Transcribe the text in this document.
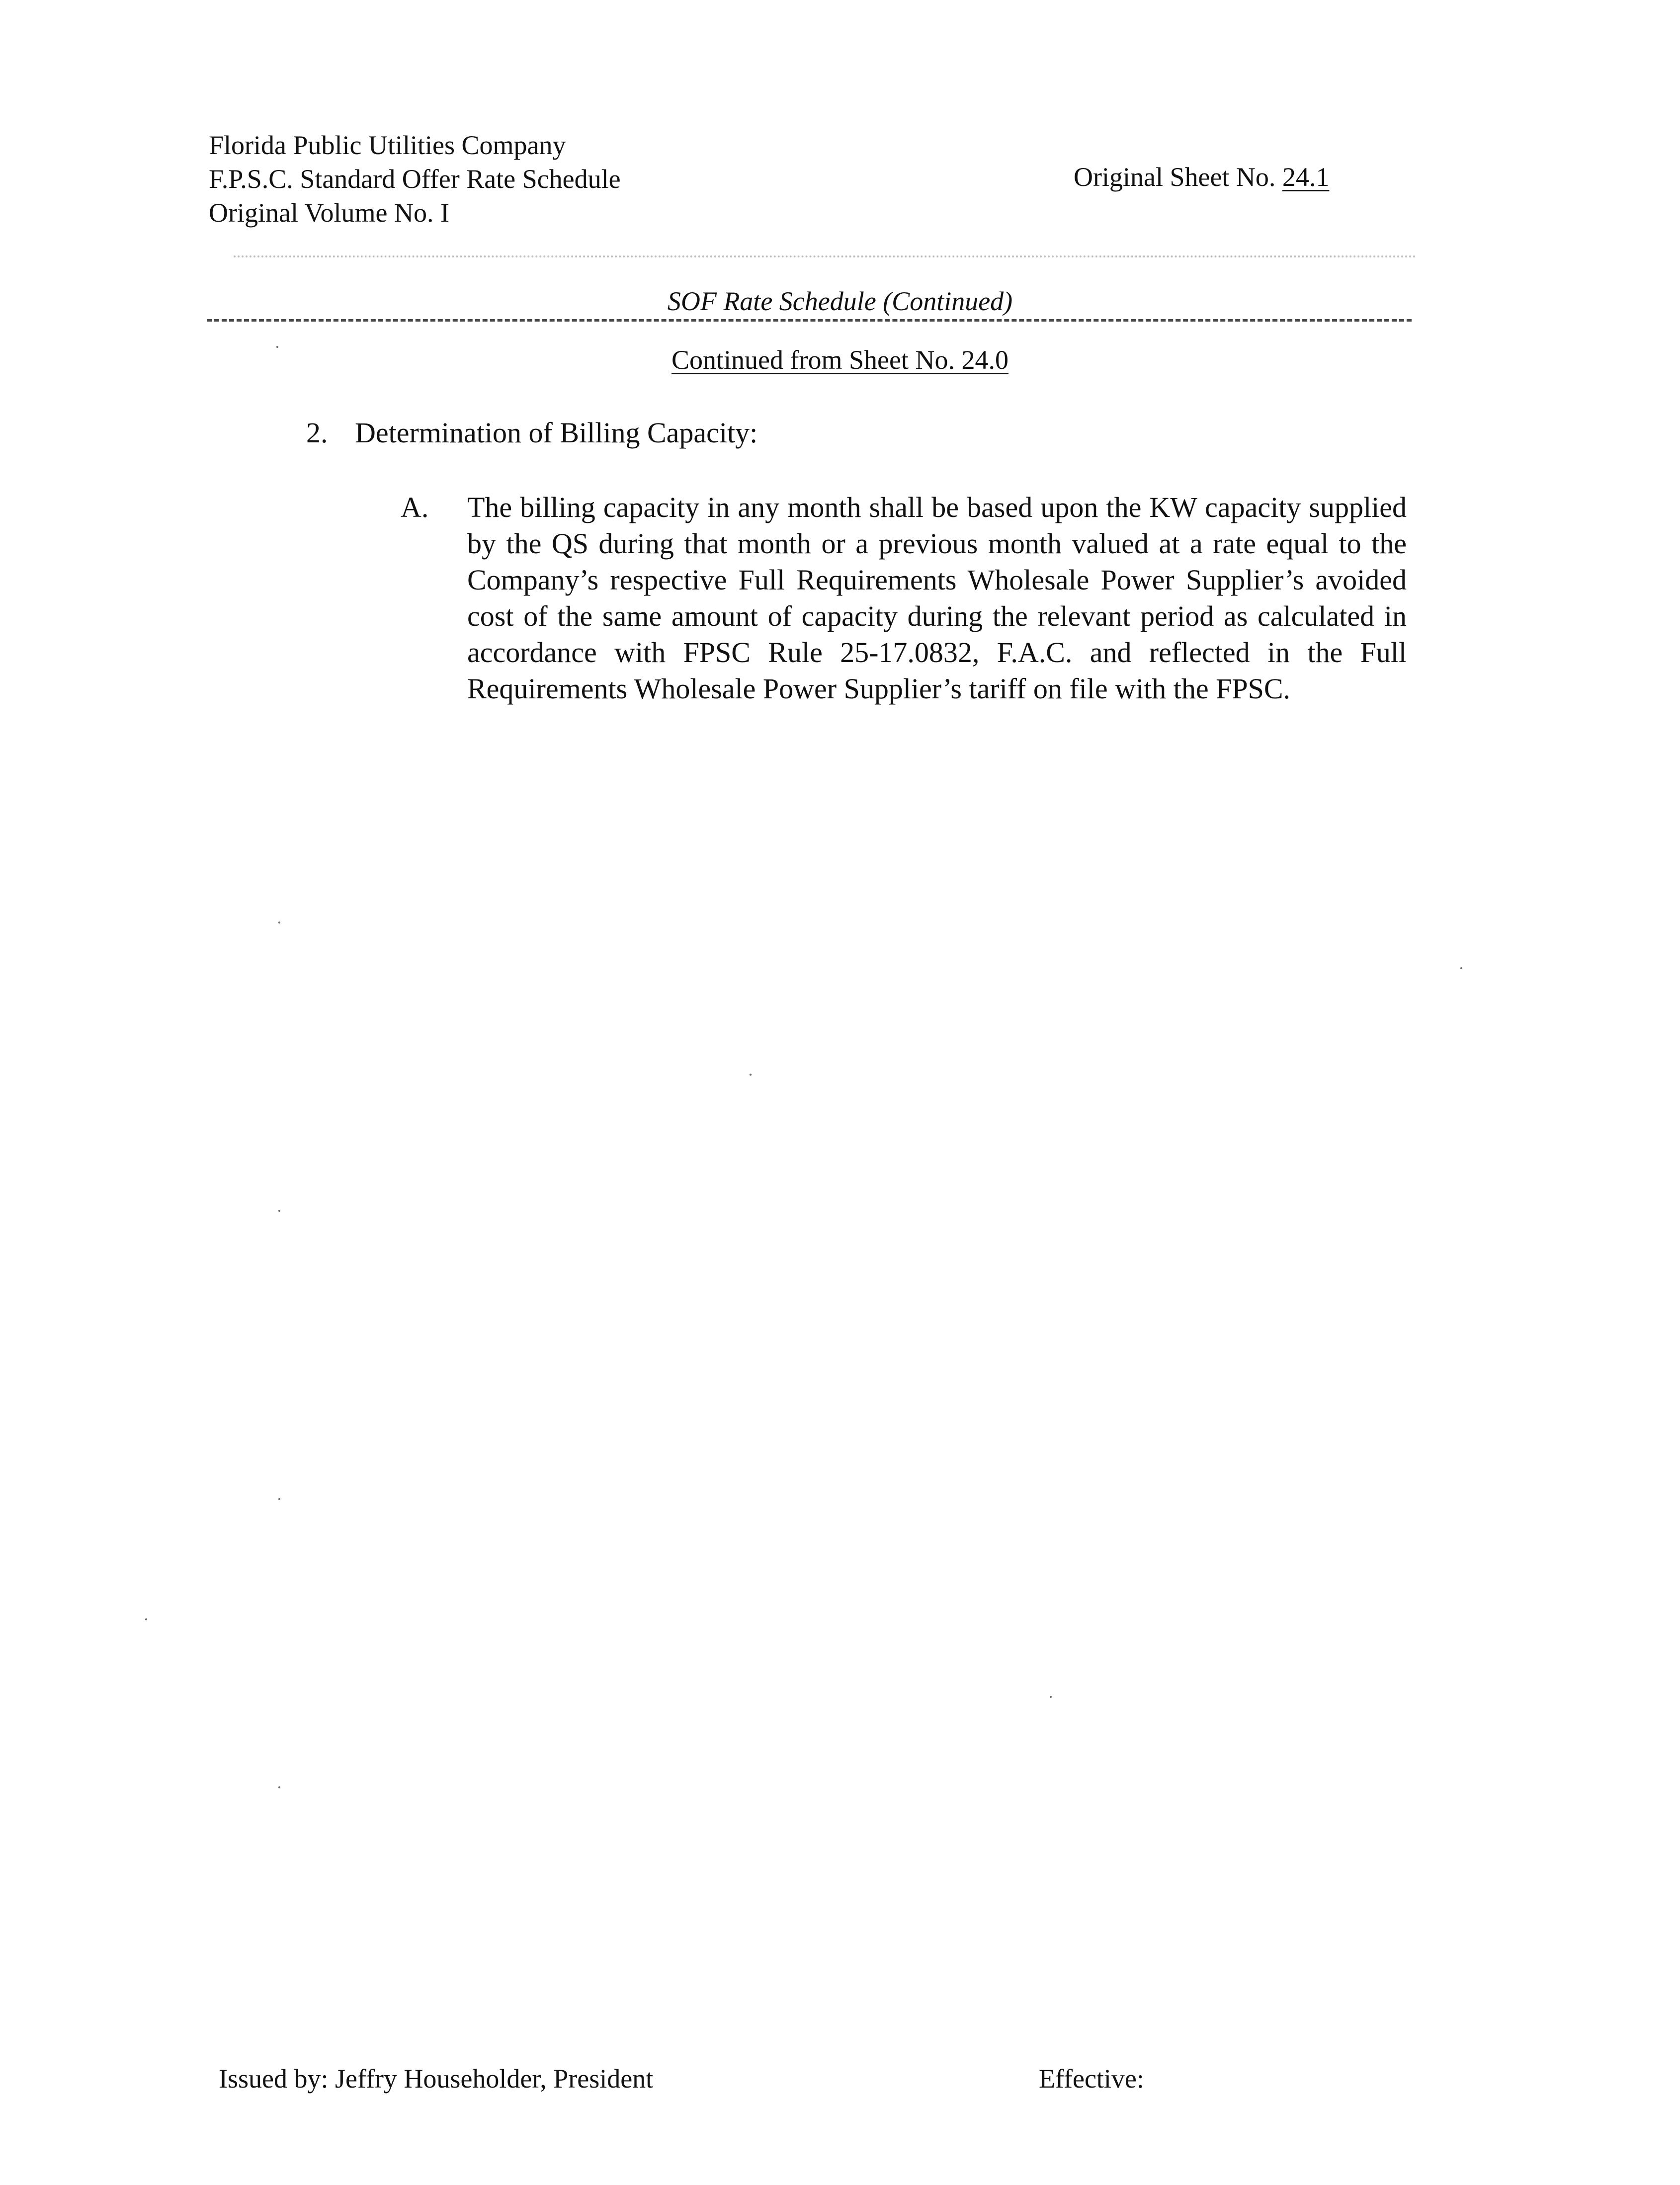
Florida Public Utilities Company
F.P.S.C. Standard Offer Rate Schedule
Original Volume No. I
Original Sheet No. 24.1
SOF Rate Schedule (Continued)
Continued from Sheet No. 24.0
2. Determination of Billing Capacity:
A. The billing capacity in any month shall be based upon the KW capacity supplied by the QS during that month or a previous month valued at a rate equal to the Company’s respective Full Requirements Wholesale Power Supplier’s avoided cost of the same amount of capacity during the relevant period as calculated in accordance with FPSC Rule 25-17.0832, F.A.C. and reflected in the Full Requirements Wholesale Power Supplier’s tariff on file with the FPSC.
Issued by: Jeffry Householder, President	Effective:
